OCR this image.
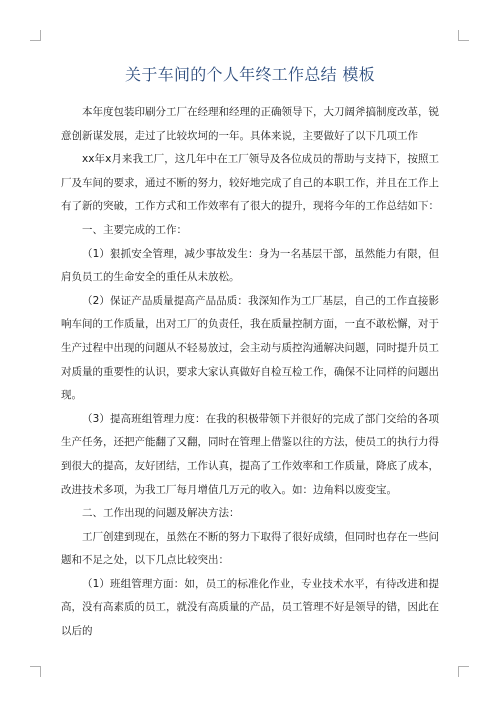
关于车间的个人年终工作总结 模板

本年度包装印刷分工厂在经理和经理的正确领导下，大刀阔斧搞制度改革，锐意创新谋发展，走过了比较坎坷的一年。具体来说，主要做好了以下几项工作

xx年x月来我工厂，这几年中在工厂领导及各位成员的帮助与支持下，按照工厂及车间的要求，通过不断的努力，较好地完成了自己的本职工作，并且在工作上有了新的突破，工作方式和工作效率有了很大的提升，现将今年的工作总结如下：

一、主要完成的工作：

（1）狠抓安全管理，减少事故发生：身为一名基层干部，虽然能力有限，但肩负员工的生命安全的重任从未放松。

（2）保证产品质量提高产品品质：我深知作为工厂基层，自己的工作直接影响车间的工作质量，出对工厂的负责任，我在质量控制方面，一直不敢松懈，对于生产过程中出现的问题从不轻易放过，会主动与质控沟通解决问题，同时提升员工对质量的重要性的认识，要求大家认真做好自检互检工作，确保不让同样的问题出现。

（3）提高班组管理力度：在我的积极带领下并很好的完成了部门交给的各项生产任务，还把产能翻了又翻，同时在管理上借鉴以往的方法，使员工的执行力得到很大的提高，友好团结，工作认真，提高了工作效率和工作质量，降底了成本，改进技术多项，为我工厂每月增值几万元的收入。如：边角料以废变宝。

二、工作出现的问题及解决方法：

工厂创建到现在，虽然在不断的努力下取得了很好成绩，但同时也存在一些问题和不足之处，以下几点比较突出：

（1）班组管理方面：如，员工的标准化作业，专业技术水平，有待改进和提高，没有高素质的员工，就没有高质量的产品，员工管理不好是领导的错，因此在以后的
